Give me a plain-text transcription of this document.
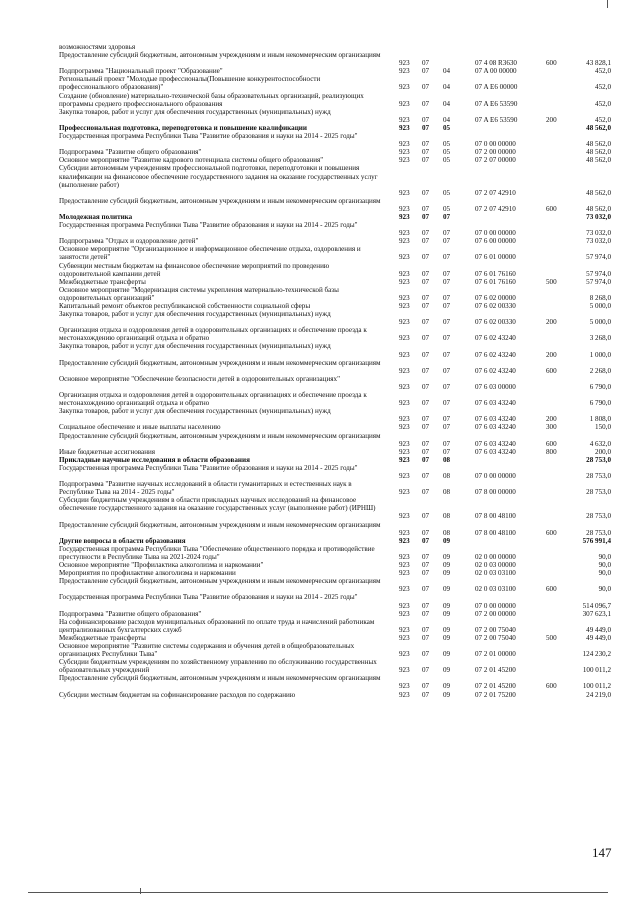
возможностями здоровья
Предоставление субсидий бюджетным, автономным учреждениям и иным некоммерческим организациям
923 07	07 4 08 R3630	600	43 828,1
Подпрограмма "Национальный проект "Образование"	923 07 04	07 A 00 00000	452,0
Региональный проект "Молодые профессионалы(Повышение конкурентоспособности профессионального образования)"	923 07 04	07 A E6 00000	452,0
Создание (обновление) материально-технической базы образовательных организаций, реализующих программы среднего профессионального образования	923 07 04	07 A E6 53590	452,0
Закупка товаров, работ и услуг для обеспечения государственных (муниципальных) нужд
923 07 04	07 A E6 53590	200	452,0
Профессиональная подготовка, переподготовка и повышение квалификации	923 07 05	48 562,0
Государственная программа Республики Тыва "Развитие образования и науки на 2014 - 2025 годы"
923 07 05	07 0 00 00000	48 562,0
Подпрограмма "Развитие общего образования"	923 07 05	07 2 00 00000	48 562,0
Основное мероприятие "Развитие кадрового потенциала системы общего образования"	923 07 05	07 2 07 00000	48 562,0
Субсидии автономным учреждениям профессиональной подготовки, переподготовки и повышения квалификации на финансовое обеспечение государственного задания на оказание государственных услуг (выполнение работ)
923 07 05	07 2 07 42910	48 562,0
Предоставление субсидий бюджетным, автономным учреждениям и иным некоммерческим организациям
923 07 05	07 2 07 42910	600	48 562,0
Молодежная политика	923 07 07	73 032,0
Государственная программа Республики Тыва "Развитие образования и науки на 2014 - 2025 годы"
923 07 07	07 0 00 00000	73 032,0
Подпрограмма "Отдых и оздоровление детей"	923 07 07	07 6 00 00000	73 032,0
Основное мероприятие "Организационное и информационное обеспечение отдыха, оздоровления и занятости детей"	923 07 07	07 6 01 00000	57 974,0
Субвенции местным бюджетам на финансовое обеспечение мероприятий по проведению оздоровительной кампании детей	923 07 07	07 6 01 76160	57 974,0
Межбюджетные трансферты	923 07 07	07 6 01 76160	500	57 974,0
Основное мероприятие "Модернизация системы укрепления материально-технической базы оздоровительных организаций"	923 07 07	07 6 02 00000	8 268,0
Капитальный ремонт объектов республиканской собственности социальной сферы	923 07 07	07 6 02 00330	5 000,0
Закупка товаров, работ и услуг для обеспечения государственных (муниципальных) нужд
923 07 07	07 6 02 00330	200	5 000,0
Организация отдыха и оздоровления детей в оздоровительных организациях и обеспечение проезда к местонахождению организаций отдыха и обратно	923 07 07	07 6 02 43240	3 268,0
Закупка товаров, работ и услуг для обеспечения государственных (муниципальных) нужд
923 07 07	07 6 02 43240	200	1 000,0
Предоставление субсидий бюджетным, автономным учреждениям и иным некоммерческим организациям
923 07 07	07 6 02 43240	600	2 268,0
Основное мероприятие "Обеспечение безопасности детей в оздоровительных организациях"
923 07 07	07 6 03 00000	6 790,0
Организация отдыха и оздоровления детей в оздоровительных организациях и обеспечение проезда к местонахождению организаций отдыха и обратно	923 07 07	07 6 03 43240	6 790,0
Закупка товаров, работ и услуг для обеспечения государственных (муниципальных) нужд
923 07 07	07 6 03 43240	200	1 808,0
Социальное обеспечение и иные выплаты населению	923 07 07	07 6 03 43240	300	150,0
Предоставление субсидий бюджетным, автономным учреждениям и иным некоммерческим организациям
923 07 07	07 6 03 43240	600	4 632,0
Иные бюджетные ассигнования	923 07 07	07 6 03 43240	800	200,0
Прикладные научные исследования в области образования	923 07 08	28 753,0
Государственная программа Республики Тыва "Развитие образования и науки на 2014 - 2025 годы"
923 07 08	07 0 00 00000	28 753,0
Подпрограмма "Развитие научных исследований в области гуманитарных и естественных наук в Республике Тыва на 2014 - 2025 годы"	923 07 08	07 8 00 00000	28 753,0
Субсидии бюджетным учреждениям в области прикладных научных исследований на финансовое обеспечение государственного задания на оказание государственных услуг (выполнение работ) (ИРНШ)
923 07 08	07 8 00 48100	28 753,0
Предоставление субсидий бюджетным, автономным учреждениям и иным некоммерческим организациям
923 07 08	07 8 00 48100	600	28 753,0
Другие вопросы в области образования	923 07 09	576 991,4
Государственная программа Республики Тыва "Обеспечение общественного порядка и противодействие преступности в Республике Тыва на 2021-2024 годы"	923 07 09	02 0 00 00000	90,0
Основное мероприятие "Профилактика алкоголизма и наркомании"	923 07 09	02 0 03 00000	90,0
Мероприятия по профилактике алкоголизма и наркомании	923 07 09	02 0 03 03100	90,0
Предоставление субсидий бюджетным, автономным учреждениям и иным некоммерческим организациям
923 07 09	02 0 03 03100	600	90,0
Государственная программа Республики Тыва "Развитие образования и науки на 2014 - 2025 годы"
923 07 09	07 0 00 00000	514 096,7
Подпрограмма "Развитие общего образования"	923 07 09	07 2 00 00000	307 623,1
На софинансирование расходов муниципальных образований по оплате труда и начислений работникам централизованных бухгалтерских служб	923 07 09	07 2 00 75040	49 449,0
Межбюджетные трансферты	923 07 09	07 2 00 75040	500	49 449,0
Основное мероприятие "Развитие системы содержания и обучения детей в общеобразовательных организациях Республики Тыва"	923 07 09	07 2 01 00000	124 230,2
Субсидии бюджетным учреждениям по хозяйственному управлению по обслуживанию государственных образовательных учреждений	923 07 09	07 2 01 45200	100 011,2
Предоставление субсидий бюджетным, автономным учреждениям и иным некоммерческим организациям
923 07 09	07 2 01 45200	600	100 011,2
Субсидии местным бюджетам на софинансирование расходов по содержанию	923 07 09	07 2 01 75200	24 219,0
147
